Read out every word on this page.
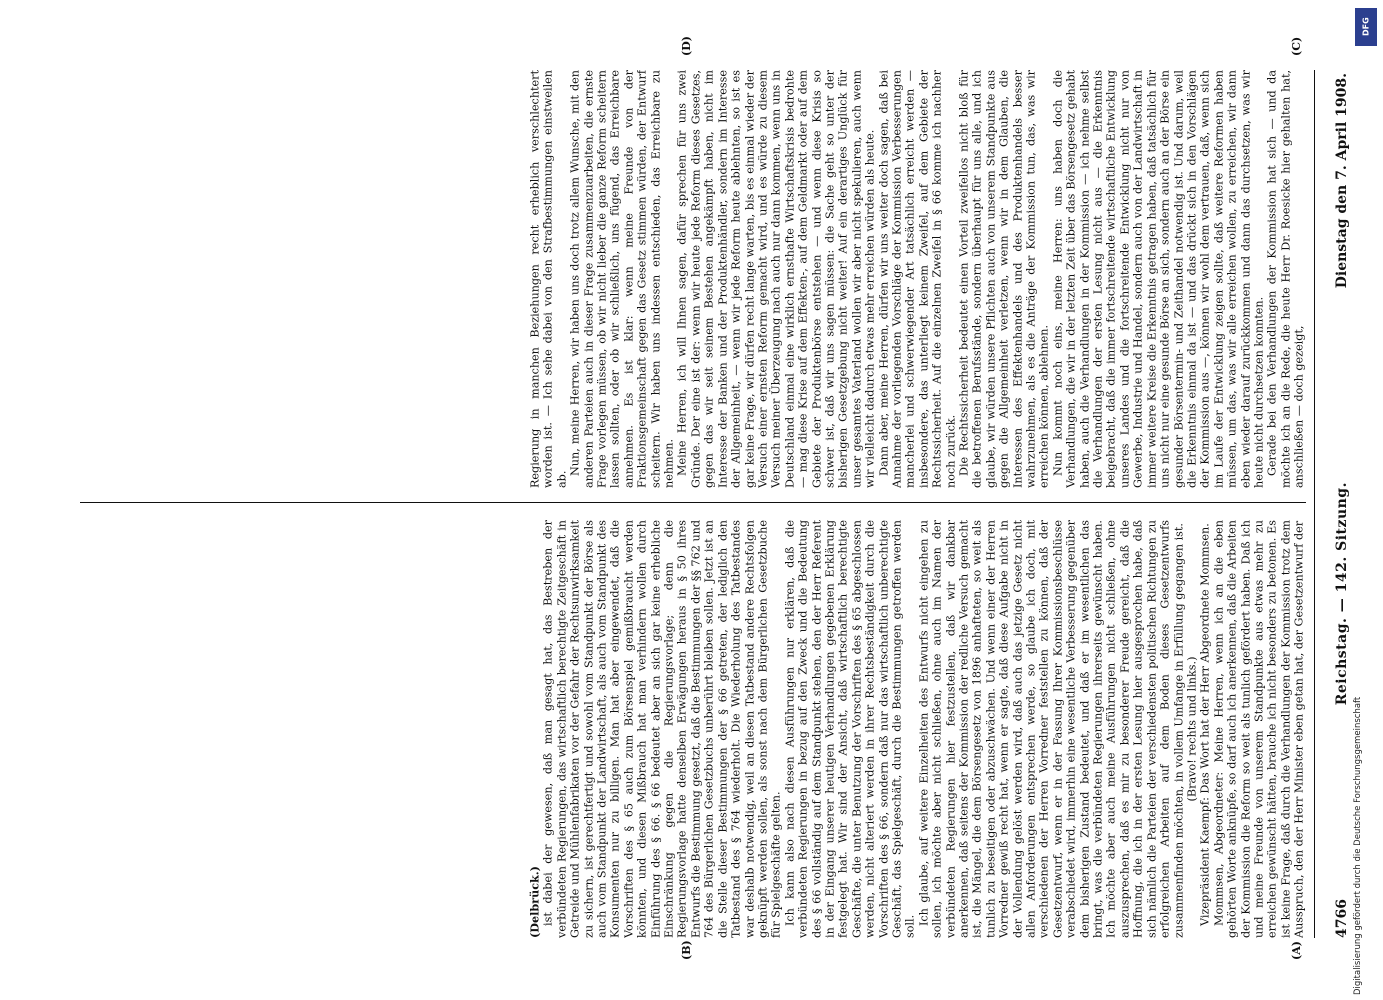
4766
Reichstag. — 142. Sitzung.
Dienstag den 7. April 1908.
(A)
(B)
(C)
(D)

(Delbrück.) ist dabei der gewesen, daß man gesagt hat, das Bestreben der verbündeten Regierungen, das wirtschaftlich berechtigte Zeitgeschäft in Getreide und Mühlenfabrikaten vor der Gefahr der Rechtsunwirksamkeit zu sichern, ist gerechtfertigt und sowohl vom Standpunkt der Börse als auch vom Standpunkt der Landwirtschaft, als auch vom Standpunkt des Konsumenten nur zu billigen. Man hat aber eingewendet, daß die Vorschriften des § 65 auch zum Börsenspiel gemißbraucht werden könnten, und diesen Mißbrauch hat man verhindern wollen durch Einführung des § 66. § 66 bedeutet aber an sich gar keine erhebliche Einschränkung gegen die Regierungsvorlage; denn die Regierungsvorlage hatte denselben Erwägungen heraus in § 50 ihres Entwurfs die Bestimmung gesetzt, daß die Bestimmungen der §§ 762 und 764 des Bürgerlichen Gesetzbuchs unberührt bleiben sollen. Jetzt ist an die Stelle dieser Bestimmungen der § 66 getreten, der lediglich den Tatbestand des § 764 wiederholt. Die Wiederholung des Tatbestandes war deshalb notwendig, weil an diesen Tatbestand andere Rechtsfolgen geknüpft werden sollen, als sonst nach dem Bürgerlichen Gesetzbuche für Spielgeschäfte gelten. Ich kann also nach diesen Ausführungen nur erklären, daß die verbündeten Regierungen in bezug auf den Zweck und die Bedeutung des § 66 vollständig auf dem Standpunkt stehen, den der Herr Referent in der Eingang unserer heutigen Verhandlungen gegebenen Erklärung festgelegt hat. Wir sind der Ansicht, daß wirtschaftlich berechtigte Geschäfte, die unter Benutzung der Vorschriften des § 65 abgeschlossen werden, nicht alteriert werden in ihrer Rechtsbeständigkeit durch die Vorschriften des § 66, sondern daß nur das wirtschaftlich unberechtigte Geschäft, das Spielgeschäft, durch die Bestimmungen getroffen werden soll.

Ich glaube, auf weitere Einzelheiten des Entwurfs nicht eingehen zu sollen, ich möchte aber nicht schließen, ohne auch im Namen der verbündeten Regierungen hier festzustellen, daß wir dankbar anerkennen, daß seitens der Kommission der redliche Versuch gemacht ist, die Mängel, die dem Börsengesetz von 1896 anhafteten, so weit als tunlich zu beseitigen oder abzuschwächen. Und wenn einer der Herren Vorredner gewiß recht hat, wenn er sagte, daß diese Aufgabe nicht in der Vollendung gelöst werden wird, daß auch das jetzige Gesetz nicht allen Anforderungen entsprechen werde, so glaube ich doch, mit verschiedenen der Herren Vorredner feststellen zu können, daß der Gesetzentwurf, wenn er in der Fassung Ihrer Kommissionsbeschlüsse verabschiedet wird, immerhin eine wesentliche Verbesserung gegenüber dem bisherigen Zustand bedeutet, und daß er im wesentlichen das bringt, was die verbündeten Regierungen ihrerseits gewünscht haben. Ich möchte aber auch meine Ausführungen nicht schließen, ohne auszusprechen, daß es mir zu besonderer Freude gereicht, daß die Hoffnung, die ich in der ersten Lesung hier ausgesprochen habe, daß sich nämlich die Parteien der verschiedensten politischen Richtungen zu erfolgreichen Arbeiten auf dem Boden dieses Gesetzentwurfs zusammenfinden möchten, in vollem Umfange in Erfüllung gegangen ist. (Bravo! rechts und links.) Vizepräsident Kaempf: Das Wort hat der Herr Abgeordnete Mommsen. Mommsen, Abgeordneter: Meine Herren, wenn ich an die eben gehörten Worte anknüpfe, so darf auch ich anerkennen, daß die Arbeiten der Kommission die Reform so weit als tunlich gefördert haben. Daß ich und meine Freunde von unserem Standpunkte aus etwas mehr zu erreichen gewünscht hätten, brauche ich nicht besonders zu betonen. Es ist keine Frage, daß durch die Verhandlungen der Kommission trotz dem Ausspruch, den der Herr Minister eben getan hat, der Gesetzentwurf der

Regierung in manchen Beziehungen recht erheblich verschlechtert worden ist. — Ich sehe dabei von den Strafbestimmungen einstweilen ab.

Nun, meine Herren, wir haben uns doch trotz allem Wunsche, mit den anderen Parteien auch in dieser Frage zusammenzuarbeiten, die ernste Frage vorlegen müssen, ob wir nicht lieber die ganze Reform scheitern lassen sollten, oder ob wir schließlich, uns fügend, das Erreichbare annehmen. Es ist klar: wenn meine Freunde von der Fraktionsgemeinschaft gegen das Gesetz stimmen würden, der Entwurf scheitern. Wir haben uns indessen entschieden, das Erreichbare zu nehmen. Meine Herren, ich will Ihnen sagen, dafür sprechen für uns zwei Gründe. Der eine ist der: wenn wir heute jede Reform dieses Gesetzes, gegen das wir seit seinem Bestehen angekämpft haben, nicht im Interesse der Banken und der Produktenhändler, sondern im Interesse der Allgemeinheit, — wenn wir jede Reform heute ablehnten, so ist es gar keine Frage, wir dürfen recht lange warten, bis es einmal wieder der Versuch einer ernsten Reform gemacht wird, und es würde zu diesem Versuch meiner Überzeugung nach auch nur dann kommen, wenn uns in Deutschland einmal eine wirklich ernsthafte Wirtschaftskrisis bedrohte — mag diese Krise auf dem Effekten-, auf dem Geldmarkt oder auf dem Gebiete der Produktenbörse entstehen — und wenn diese Krisis so schwer ist, daß wir uns sagen müssen: die Sache geht so unter der bisherigen Gesetzgebung nicht weiter! Auf ein derartiges Unglück für unser gesamtes Vaterland wollen wir aber nicht spekulieren, auch wenn wir vielleicht dadurch etwas mehr erreichen würden als heute. Dann aber, meine Herren, dürfen wir uns weiter doch sagen, daß bei Annahme der vorliegenden Vorschläge der Kommission Verbesserungen mancherlei und schwerwiegender Art tatsächlich erreicht werden — insbesondere, das unterliegt keinem Zweifel, auf dem Gebiete der Rechtssicherheit. Auf die einzelnen Zweifel in § 66 komme ich nachher noch zurück. Die Rechtssicherheit bedeutet einen Vorteil zweifellos nicht bloß für die betroffenen Berufsstände, sondern überhaupt für uns alle, und ich glaube, wir würden unsere Pflichten auch von unserem Standpunkte aus gegen die Allgemeinheit verletzen, wenn wir in dem Glauben, die Interessen des Effektenhandels und des Produktenhandels besser wahrzunehmen, als es die Anträge der Kommission tun, das, was wir erreichen können, ablehnen. Nun kommt noch eins, meine Herren: uns haben doch die Verhandlungen, die wir in der letzten Zeit über das Börsengesetz gehabt haben, auch die Verhandlungen in der Kommission — ich nehme selbst die Verhandlungen der ersten Lesung nicht aus — die Erkenntnis beigebracht, daß die immer fortschreitende wirtschaftliche Entwicklung unseres Landes und die fortschreitende Entwicklung nicht nur von Gewerbe, Industrie und Handel, sondern auch von der Landwirtschaft in immer weitere Kreise die Erkenntnis getragen haben, daß tatsächlich für uns nicht nur eine gesunde Börse an sich, sondern auch an der Börse ein gesunder Börsentermin- und Zeithandel notwendig ist. Und darum, weil die Erkenntnis einmal da ist — und das drückt sich in den Vorschlägen der Kommission aus —, können wir wohl dem vertrauen, daß, wenn sich im Laufe der Entwicklung zeigen sollte, daß weitere Reformen haben müssen, um das, was wir alle erreichen wollen, zu erreichen, wir dann eben wieder darauf zurückkommen und dann das durchsetzen, was wir heute nicht durchsetzen konnten. Gerade bei den Verhandlungen der Kommission hat sich — und da möchte ich an die Rede, die heute Herr Dr. Roesicke hier gehalten hat, anschließen — doch gezeigt,

DFG
Digitalisierung gefördert durch die Deutsche Forschungsgemeinschaft
